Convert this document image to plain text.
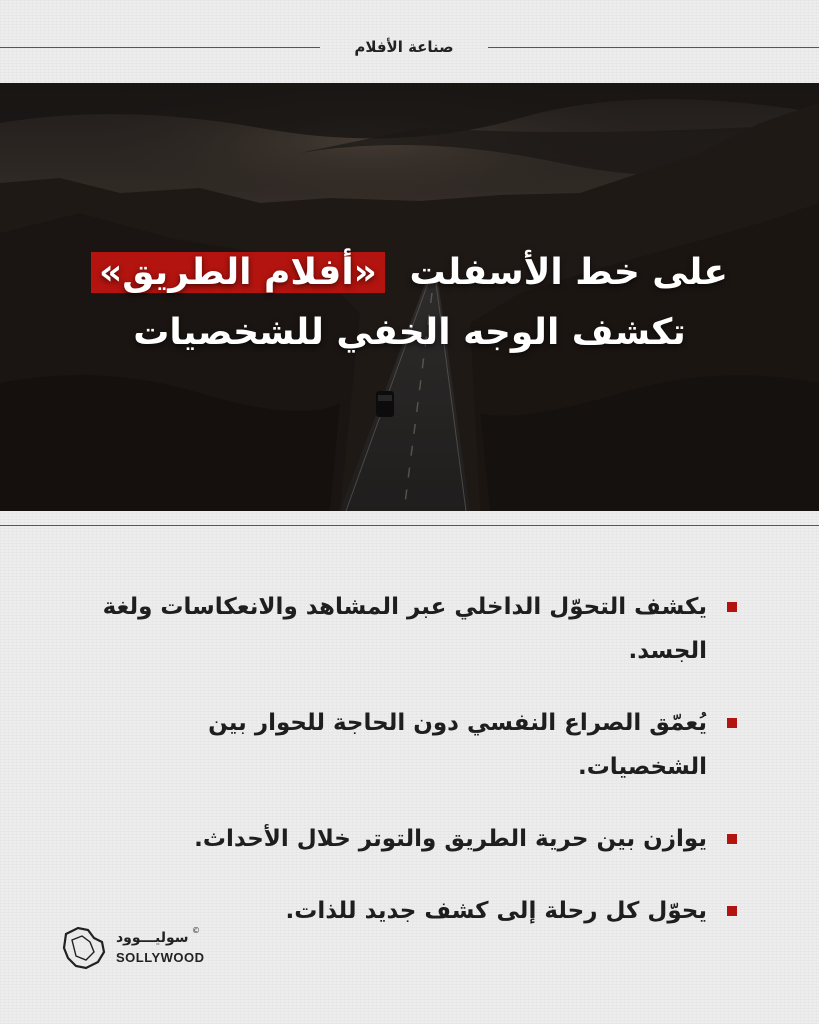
صناعة الأفلام
على خط الأسفلت «أفلام الطريق»
تكشف الوجه الخفي للشخصيات
يكشف التحوّل الداخلي عبر المشاهد والانعكاسات ولغة الجسد.
يُعمّق الصراع النفسي دون الحاجة للحوار بين الشخصيات.
يوازن بين حرية الطريق والتوتر خلال الأحداث.
يحوّل كل رحلة إلى كشف جديد للذات.
سوليـــوود ©
SOLLYWOOD
